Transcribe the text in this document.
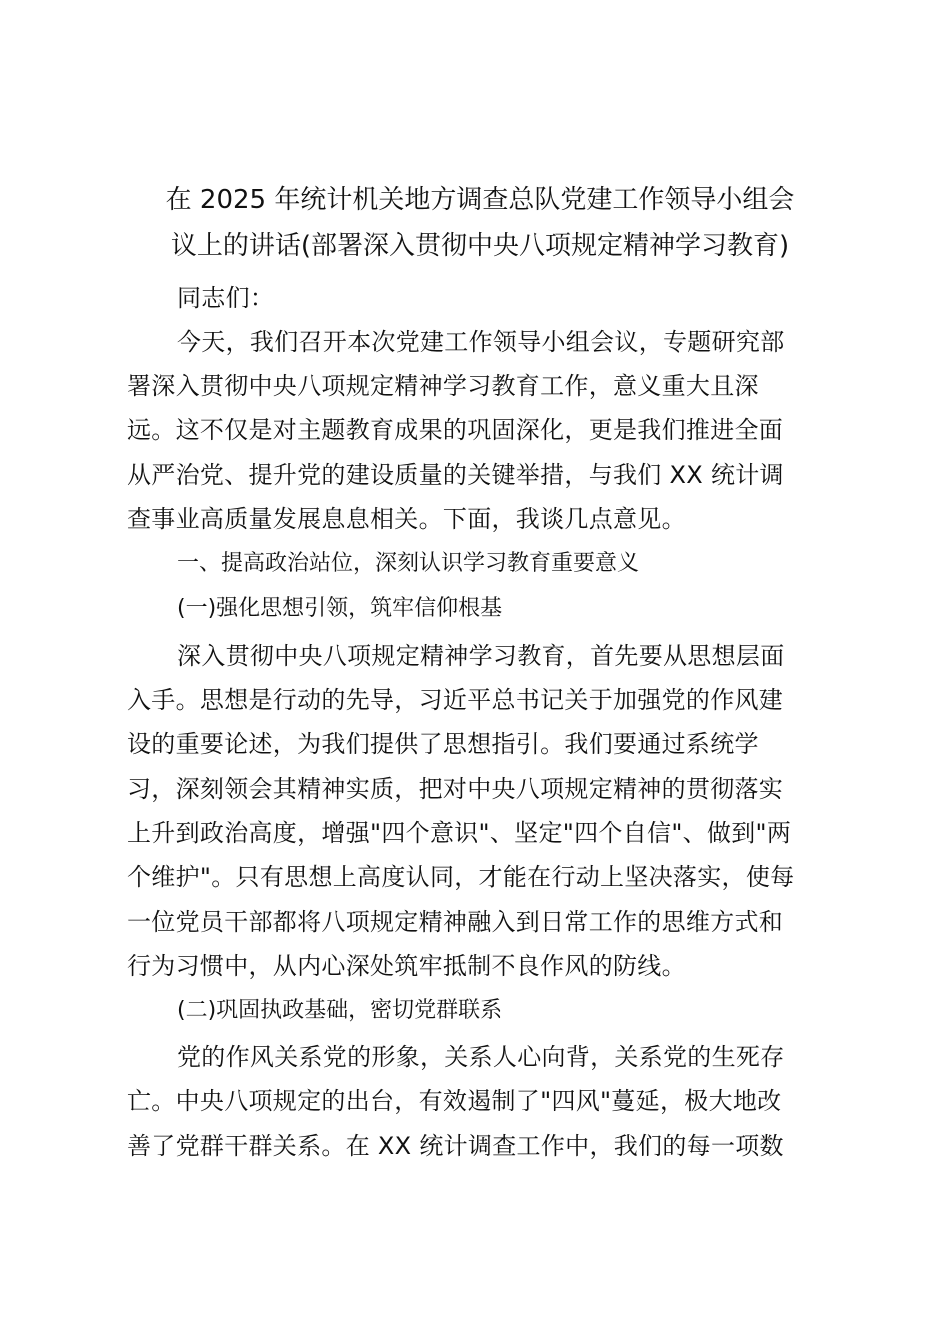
在 2025 年统计机关地方调查总队党建工作领导小组会
议上的讲话(部署深入贯彻中央八项规定精神学习教育)
同志们：
今天，我们召开本次党建工作领导小组会议，专题研究部
署深入贯彻中央八项规定精神学习教育工作，意义重大且深
远。这不仅是对主题教育成果的巩固深化，更是我们推进全面
从严治党、提升党的建设质量的关键举措，与我们 XX 统计调
查事业高质量发展息息相关。下面，我谈几点意见。
一、提高政治站位，深刻认识学习教育重要意义
(一)强化思想引领，筑牢信仰根基
深入贯彻中央八项规定精神学习教育，首先要从思想层面
入手。思想是行动的先导，习近平总书记关于加强党的作风建
设的重要论述，为我们提供了思想指引。我们要通过系统学
习，深刻领会其精神实质，把对中央八项规定精神的贯彻落实
上升到政治高度，增强"四个意识"、坚定"四个自信"、做到"两
个维护"。只有思想上高度认同，才能在行动上坚决落实，使每
一位党员干部都将八项规定精神融入到日常工作的思维方式和
行为习惯中，从内心深处筑牢抵制不良作风的防线。
(二)巩固执政基础，密切党群联系
党的作风关系党的形象，关系人心向背，关系党的生死存
亡。中央八项规定的出台，有效遏制了"四风"蔓延，极大地改
善了党群干群关系。在 XX 统计调查工作中，我们的每一项数
